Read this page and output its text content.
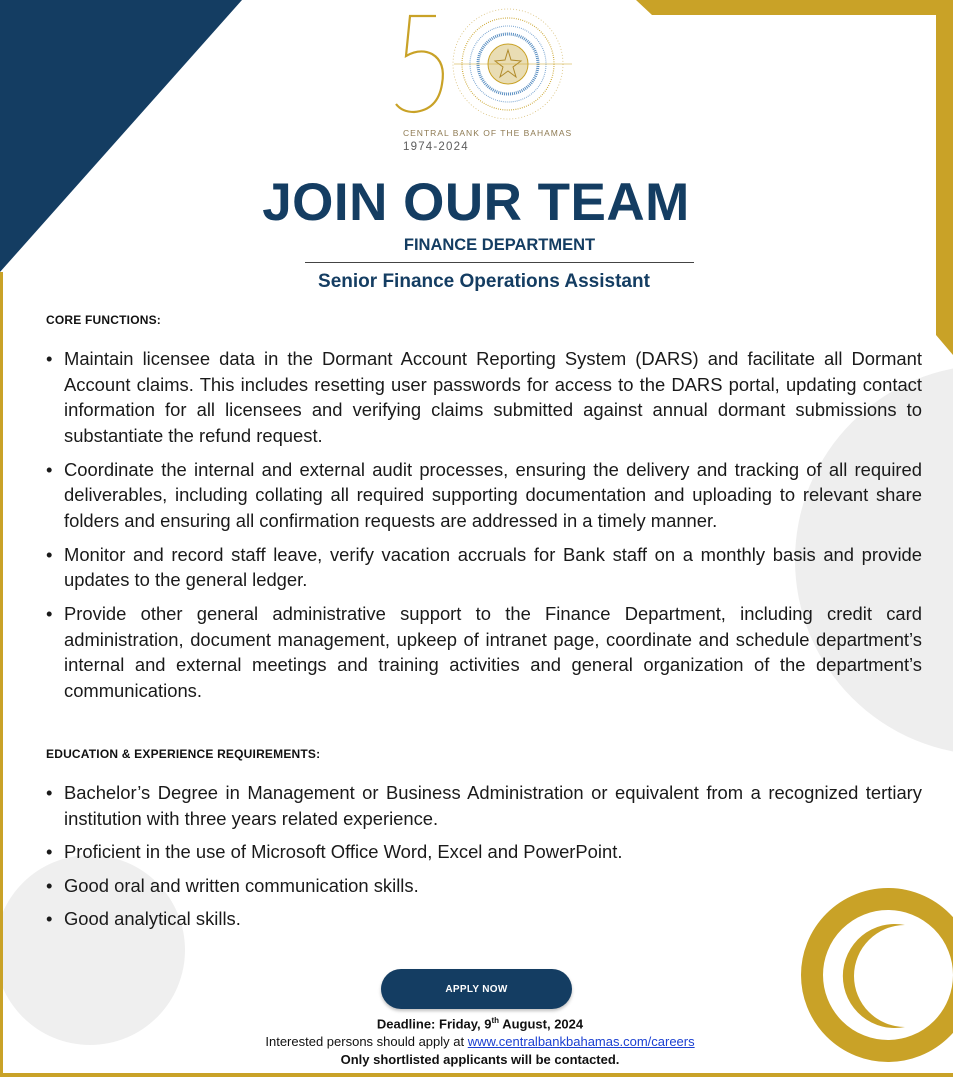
CENTRAL BANK OF THE BAHAMAS
1974-2024
JOIN OUR TEAM
FINANCE DEPARTMENT
Senior Finance Operations Assistant
CORE FUNCTIONS:
• Maintain licensee data in the Dormant Account Reporting System (DARS) and facilitate all Dormant Account claims. This includes resetting user passwords for access to the DARS portal, updating contact information for all licensees and verifying claims submitted against annual dormant submissions to substantiate the refund request.
• Coordinate the internal and external audit processes, ensuring the delivery and tracking of all required deliverables, including collating all required supporting documentation and uploading to relevant share folders and ensuring all confirmation requests are addressed in a timely manner.
• Monitor and record staff leave, verify vacation accruals for Bank staff on a monthly basis and provide updates to the general ledger.
• Provide other general administrative support to the Finance Department, including credit card administration, document management, upkeep of intranet page, coordinate and schedule department’s internal and external meetings and training activities and general organization of the department’s communications.
EDUCATION & EXPERIENCE REQUIREMENTS:
• Bachelor’s Degree in Management or Business Administration or equivalent from a recognized tertiary institution with three years related experience.
• Proficient in the use of Microsoft Office Word, Excel and PowerPoint.
• Good oral and written communication skills.
• Good analytical skills.
APPLY NOW
Deadline: Friday, 9th August, 2024
Interested persons should apply at www.centralbankbahamas.com/careers
Only shortlisted applicants will be contacted.
